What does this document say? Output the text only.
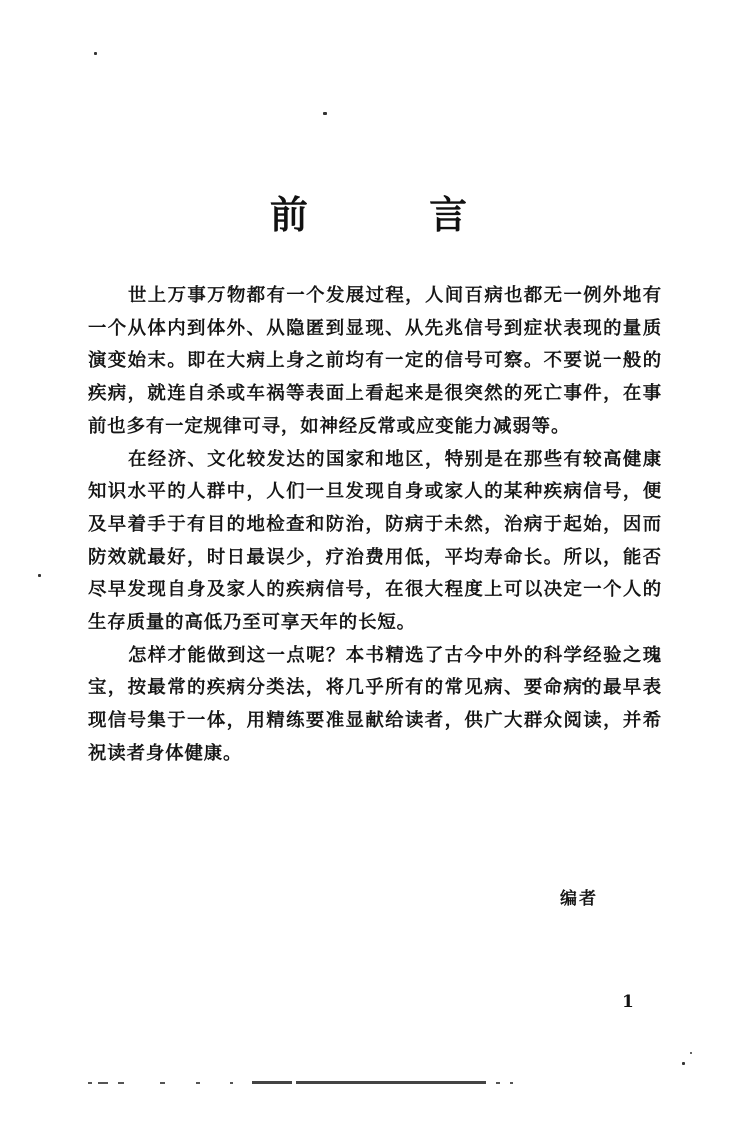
前 言

世上万事万物都有一个发展过程，人间百病也都无一例外地有一个从体内到体外、从隐匿到显现、从先兆信号到症状表现的量质演变始末。即在大病上身之前均有一定的信号可察。不要说一般的疾病，就连自杀或车祸等表面上看起来是很突然的死亡事件，在事前也多有一定规律可寻，如神经反常或应变能力减弱等。

在经济、文化较发达的国家和地区，特别是在那些有较高健康知识水平的人群中，人们一旦发现自身或家人的某种疾病信号，便及早着手于有目的地检查和防治，防病于未然，治病于起始，因而防效就最好，时日最误少，疗治费用低，平均寿命长。所以，能否尽早发现自身及家人的疾病信号，在很大程度上可以决定一个人的生存质量的高低乃至可享天年的长短。

怎样才能做到这一点呢？本书精选了古今中外的科学经验之瑰宝，按最常的疾病分类法，将几乎所有的常见病、要命病的最早表现信号集于一体，用精练要准显献给读者，供广大群众阅读，并希祝读者身体健康。

编者
1
